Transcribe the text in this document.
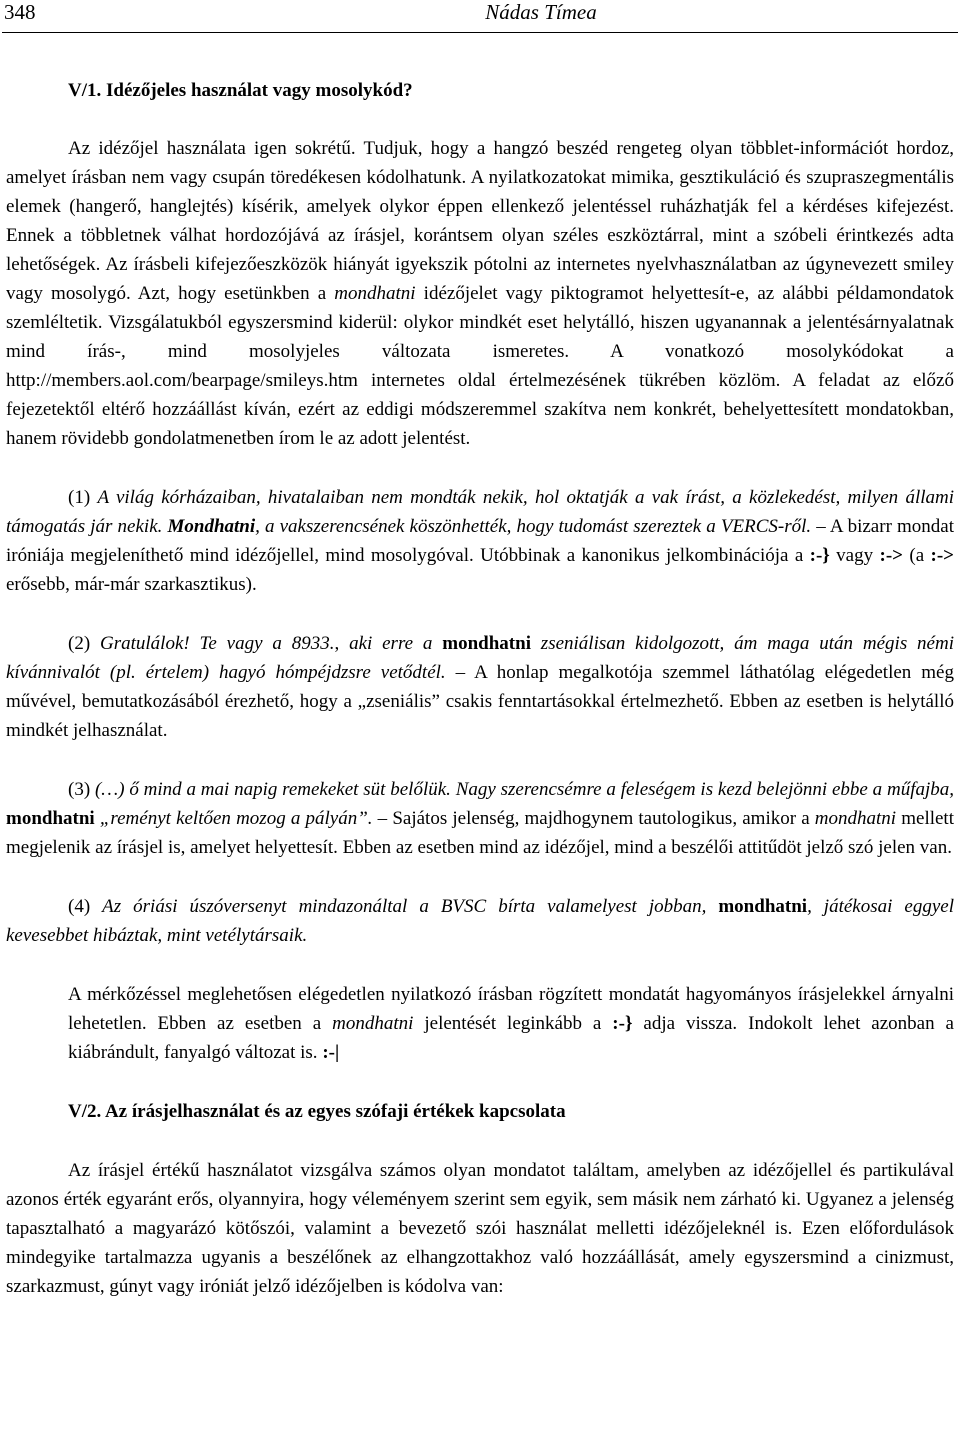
348	Nádas Tímea
V/1. Idézőjeles használat vagy mosolykód?

Az idézőjel használata igen sokrétű. Tudjuk, hogy a hangzó beszéd rengeteg olyan többlet-információt hordoz, amelyet írásban nem vagy csupán töredékesen kódolhatunk. A nyilatkozatokat mimika, gesztikuláció és szupraszegmentális elemek (hangerő, hanglejtés) kísérik, amelyek olykor éppen ellenkező jelentéssel ruházhatják fel a kérdéses kifejezést. Ennek a többletnek válhat hordozójává az írásjel, korántsem olyan széles eszköztárral, mint a szóbeli érintkezés adta lehetőségek. Az írásbeli kifejezőeszközök hiányát igyekszik pótolni az internetes nyelvhasználatban az úgynevezett smiley vagy mosolygó. Azt, hogy esetünkben a mondhatni idézőjelet vagy piktogramot helyettesít-e, az alábbi példamondatok szemléltetik. Vizsgálatukból egyszersmind kiderül: olykor mindkét eset helytálló, hiszen ugyanannak a jelentésárnyalatnak mind írás-, mind mosolyjeles változata ismeretes. A vonatkozó mosolykódokat a http://members.aol.com/bearpage/smileys.htm internetes oldal értelmezésének tükrében közlöm. A feladat az előző fejezetektől eltérő hozzáállást kíván, ezért az eddigi módszeremmel szakítva nem konkrét, behelyettesített mondatokban, hanem rövidebb gondolatmenetben írom le az adott jelentést.

(1) A világ kórházaiban, hivatalaiban nem mondták nekik, hol oktatják a vak írást, a közlekedést, milyen állami támogatás jár nekik. Mondhatni, a vakszerencsének köszönhették, hogy tudomást szereztek a VERCS-ről. – A bizarr mondat iróniája megjeleníthető mind idézőjellel, mind mosolygóval. Utóbbinak a kanonikus jelkombinációja a :-} vagy :-> (a :-> erősebb, már-már szarkasztikus).

(2) Gratulálok! Te vagy a 8933., aki erre a mondhatni zseniálisan kidolgozott, ám maga után mégis némi kívánnivalót (pl. értelem) hagyó hómpéjdzsre vetődtél. – A honlap megalkotója szemmel láthatólag elégedetlen még művével, bemutatkozásából érezhető, hogy a „zseniális” csakis fenntartásokkal értelmezhető. Ebben az esetben is helytálló mindkét jelhasználat.

(3) (…) ő mind a mai napig remekeket süt belőlük. Nagy szerencsémre a feleségem is kezd belejönni ebbe a műfajba, mondhatni „reményt keltően mozog a pályán”. – Sajátos jelenség, majdhogynem tautologikus, amikor a mondhatni mellett megjelenik az írásjel is, amelyet helyettesít. Ebben az esetben mind az idézőjel, mind a beszélői attitűdöt jelző szó jelen van.

(4) Az óriási úszóversenyt mindazonáltal a BVSC bírta valamelyest jobban, mondhatni, játékosai eggyel kevesebbet hibáztak, mint vetélytársaik.

A mérkőzéssel meglehetősen elégedetlen nyilatkozó írásban rögzített mondatát hagyományos írásjelekkel árnyalni lehetetlen. Ebben az esetben a mondhatni jelentését leginkább a :-} adja vissza. Indokolt lehet azonban a kiábrándult, fanyalgó változat is. :-|

V/2. Az írásjelhasználat és az egyes szófaji értékek kapcsolata

Az írásjel értékű használatot vizsgálva számos olyan mondatot találtam, amelyben az idézőjellel és partikulával azonos érték egyaránt erős, olyannyira, hogy véleményem szerint sem egyik, sem másik nem zárható ki. Ugyanez a jelenség tapasztalható a magyarázó kötőszói, valamint a bevezető szói használat melletti idézőjeleknél is. Ezen előfordulások mindegyike tartalmazza ugyanis a beszélőnek az elhangzottakhoz való hozzáállását, amely egyszersmind a cinizmust, szarkazmust, gúnyt vagy iróniát jelző idézőjelben is kódolva van:
